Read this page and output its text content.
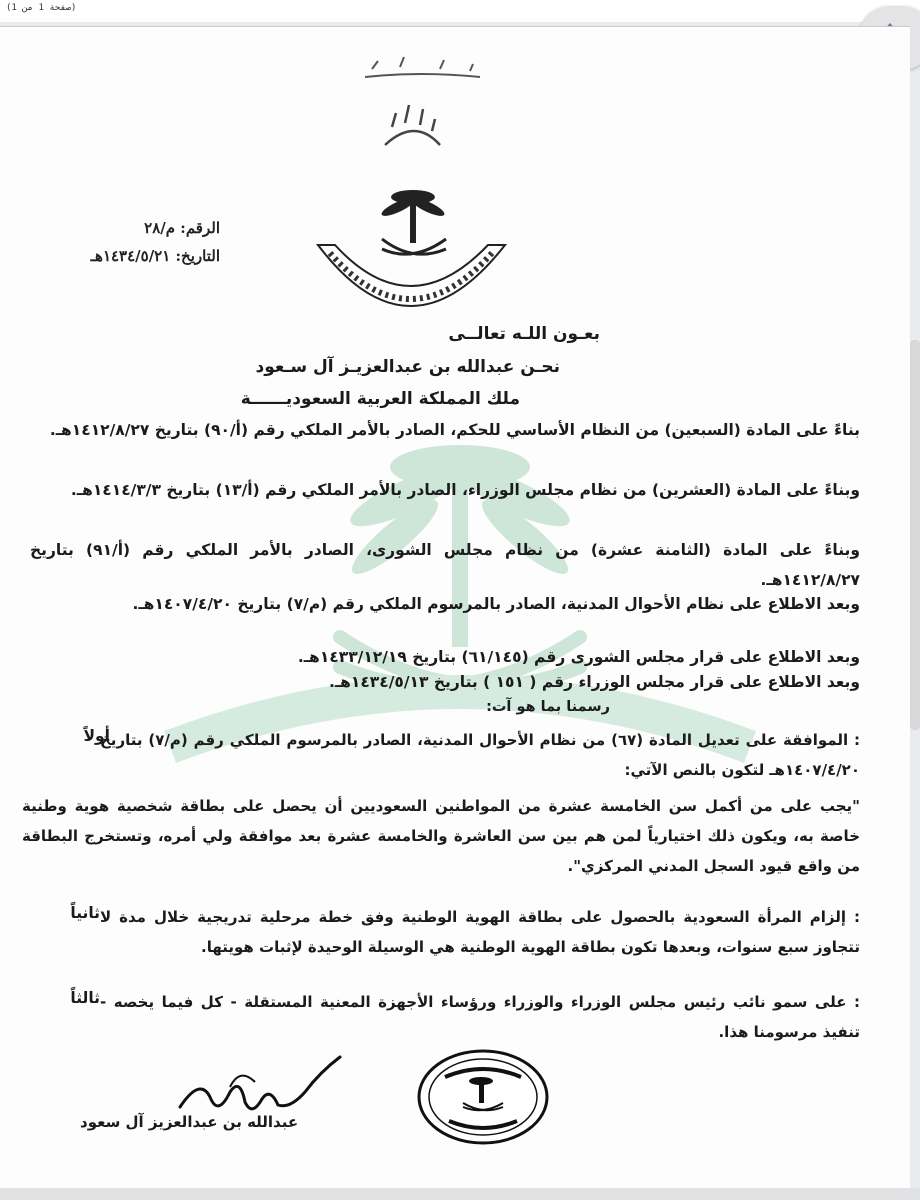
(صفحة 1 من 1)
الرقم: م/٢٨
التاريخ: ١٤٣٤/٥/٢١هـ
بعـون اللـه تعالــى
نحـن عبدالله بن عبدالعزيـز آل سـعود
ملك المملكة العربية السعوديــــــة
بناءً على المادة (السبعين) من النظام الأساسي للحكم، الصادر بالأمر الملكي رقم (أ/٩٠) بتاريخ ١٤١٢/٨/٢٧هـ.
وبناءً على المادة (العشرين) من نظام مجلس الوزراء، الصادر بالأمر الملكي رقم (أ/١٣) بتاريخ ١٤١٤/٣/٣هـ.
وبناءً على المادة (الثامنة عشرة) من نظام مجلس الشورى، الصادر بالأمر الملكي رقم (أ/٩١) بتاريخ ١٤١٢/٨/٢٧هـ.
وبعد الاطلاع على نظام الأحوال المدنية، الصادر بالمرسوم الملكي رقم (م/٧) بتاريخ ١٤٠٧/٤/٢٠هـ.
وبعد الاطلاع على قرار مجلس الشورى رقم (٦١/١٤٥) بتاريخ ١٤٣٣/١٢/١٩هـ.
وبعد الاطلاع على قرار مجلس الوزراء رقم ( ١٥١ ) بتاريخ ١٤٣٤/٥/١٣هـ.
رسمنا بما هو آت:
أولاً
: الموافقة على تعديل المادة (٦٧) من نظام الأحوال المدنية، الصادر بالمرسوم الملكي رقم (م/٧) بتاريخ ١٤٠٧/٤/٢٠هـ لتكون بالنص الآتي:
"يجب على من أكمل سن الخامسة عشرة من المواطنين السعوديين أن يحصل على بطاقة شخصية هوية وطنية خاصة به، ويكون ذلك اختيارياً لمن هم بين سن العاشرة والخامسة عشرة بعد موافقة ولي أمره، وتستخرج البطاقة من واقع قيود السجل المدني المركزي".
ثانياً : إلزام المرأة السعودية بالحصول على بطاقة الهوية الوطنية وفق خطة مرحلية تدريجية خلال مدة لا تتجاوز سبع سنوات، وبعدها تكون بطاقة الهوية الوطنية هي الوسيلة الوحيدة لإثبات هويتها.
ثالثاً : على سمو نائب رئيس مجلس الوزراء والوزراء ورؤساء الأجهزة المعنية المستقلة - كل فيما يخصه - تنفيذ مرسومنا هذا.
عبدالله بن عبدالعزيز آل سعود
